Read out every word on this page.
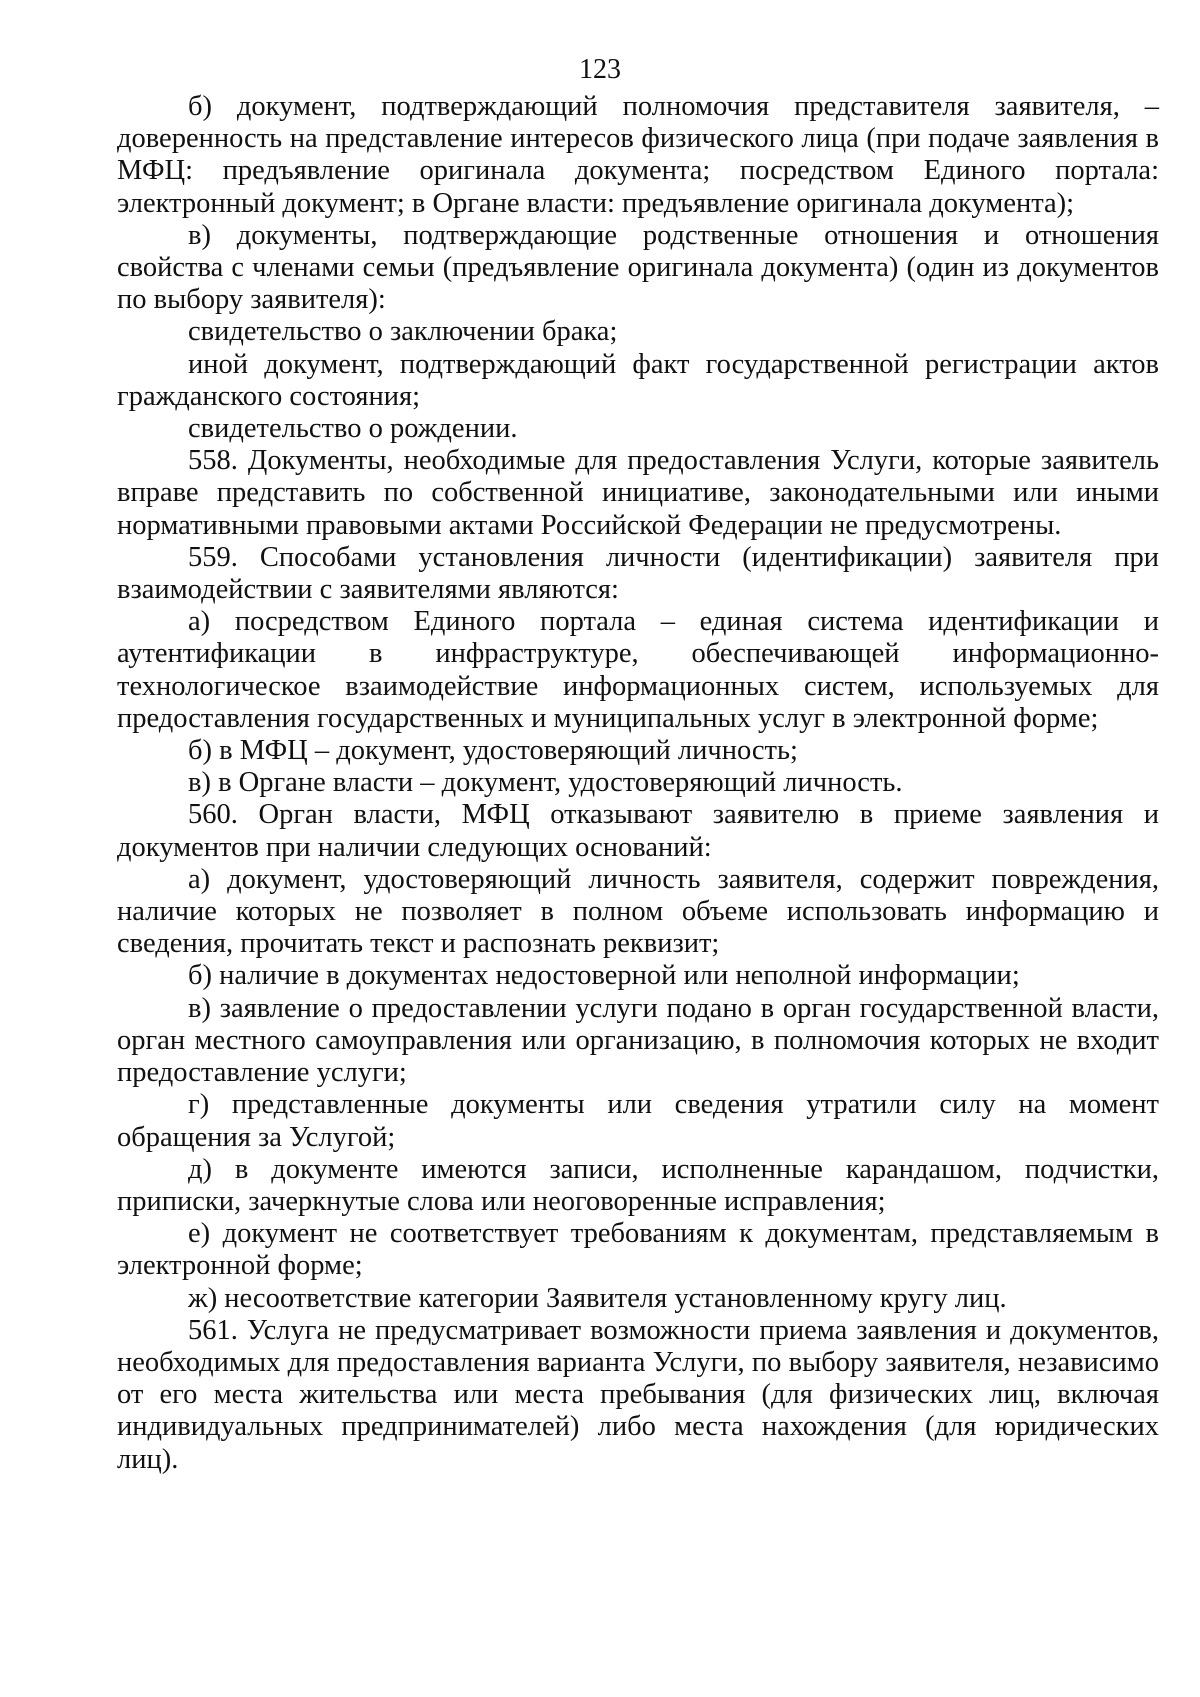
123

б) документ, подтверждающий полномочия представителя заявителя, – доверенность на представление интересов физического лица (при подаче заявления в МФЦ: предъявление оригинала документа; посредством Единого портала: электронный документ; в Органе власти: предъявление оригинала документа);

в) документы, подтверждающие родственные отношения и отношения свойства с членами семьи (предъявление оригинала документа) (один из документов по выбору заявителя):

свидетельство о заключении брака;

иной документ, подтверждающий факт государственной регистрации актов гражданского состояния;

свидетельство о рождении.

558. Документы, необходимые для предоставления Услуги, которые заявитель вправе представить по собственной инициативе, законодательными или иными нормативными правовыми актами Российской Федерации не предусмотрены.

559. Способами установления личности (идентификации) заявителя при взаимодействии с заявителями являются:

а) посредством Единого портала – единая система идентификации и аутентификации в инфраструктуре, обеспечивающей информационно-технологическое взаимодействие информационных систем, используемых для предоставления государственных и муниципальных услуг в электронной форме;

б) в МФЦ – документ, удостоверяющий личность;

в) в Органе власти – документ, удостоверяющий личность.

560. Орган власти, МФЦ отказывают заявителю в приеме заявления и документов при наличии следующих оснований:

а) документ, удостоверяющий личность заявителя, содержит повреждения, наличие которых не позволяет в полном объеме использовать информацию и сведения, прочитать текст и распознать реквизит;

б) наличие в документах недостоверной или неполной информации;

в) заявление о предоставлении услуги подано в орган государственной власти, орган местного самоуправления или организацию, в полномочия которых не входит предоставление услуги;

г) представленные документы или сведения утратили силу на момент обращения за Услугой;

д) в документе имеются записи, исполненные карандашом, подчистки, приписки, зачеркнутые слова или неоговоренные исправления;

е) документ не соответствует требованиям к документам, представляемым в электронной форме;

ж) несоответствие категории Заявителя установленному кругу лиц.

561. Услуга не предусматривает возможности приема заявления и документов, необходимых для предоставления варианта Услуги, по выбору заявителя, независимо от его места жительства или места пребывания (для физических лиц, включая индивидуальных предпринимателей) либо места нахождения (для юридических лиц).
